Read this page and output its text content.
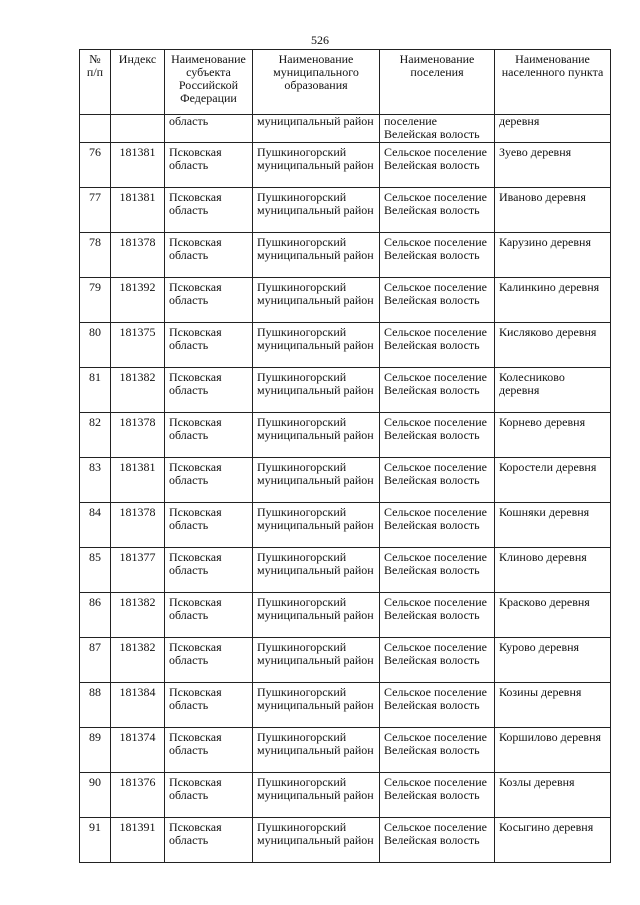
526
№ п/п	Индекс	Наименование субъекта Российской Федерации	Наименование муниципального образования	Наименование поселения	Наименование населенного пункта
		область	муниципальный район	поселение Велейская волость	деревня
76	181381	Псковская область	Пушкиногорский муниципальный район	Сельское поселение Велейская волость	Зуево деревня
77	181381	Псковская область	Пушкиногорский муниципальный район	Сельское поселение Велейская волость	Иваново деревня
78	181378	Псковская область	Пушкиногорский муниципальный район	Сельское поселение Велейская волость	Карузино деревня
79	181392	Псковская область	Пушкиногорский муниципальный район	Сельское поселение Велейская волость	Калинкино деревня
80	181375	Псковская область	Пушкиногорский муниципальный район	Сельское поселение Велейская волость	Кисляково деревня
81	181382	Псковская область	Пушкиногорский муниципальный район	Сельское поселение Велейская волость	Колесниково деревня
82	181378	Псковская область	Пушкиногорский муниципальный район	Сельское поселение Велейская волость	Корнево деревня
83	181381	Псковская область	Пушкиногорский муниципальный район	Сельское поселение Велейская волость	Коростели деревня
84	181378	Псковская область	Пушкиногорский муниципальный район	Сельское поселение Велейская волость	Кошняки деревня
85	181377	Псковская область	Пушкиногорский муниципальный район	Сельское поселение Велейская волость	Клиново деревня
86	181382	Псковская область	Пушкиногорский муниципальный район	Сельское поселение Велейская волость	Красково деревня
87	181382	Псковская область	Пушкиногорский муниципальный район	Сельское поселение Велейская волость	Курово деревня
88	181384	Псковская область	Пушкиногорский муниципальный район	Сельское поселение Велейская волость	Козины деревня
89	181374	Псковская область	Пушкиногорский муниципальный район	Сельское поселение Велейская волость	Коршилово деревня
90	181376	Псковская область	Пушкиногорский муниципальный район	Сельское поселение Велейская волость	Козлы деревня
91	181391	Псковская область	Пушкиногорский муниципальный район	Сельское поселение Велейская волость	Косыгино деревня
